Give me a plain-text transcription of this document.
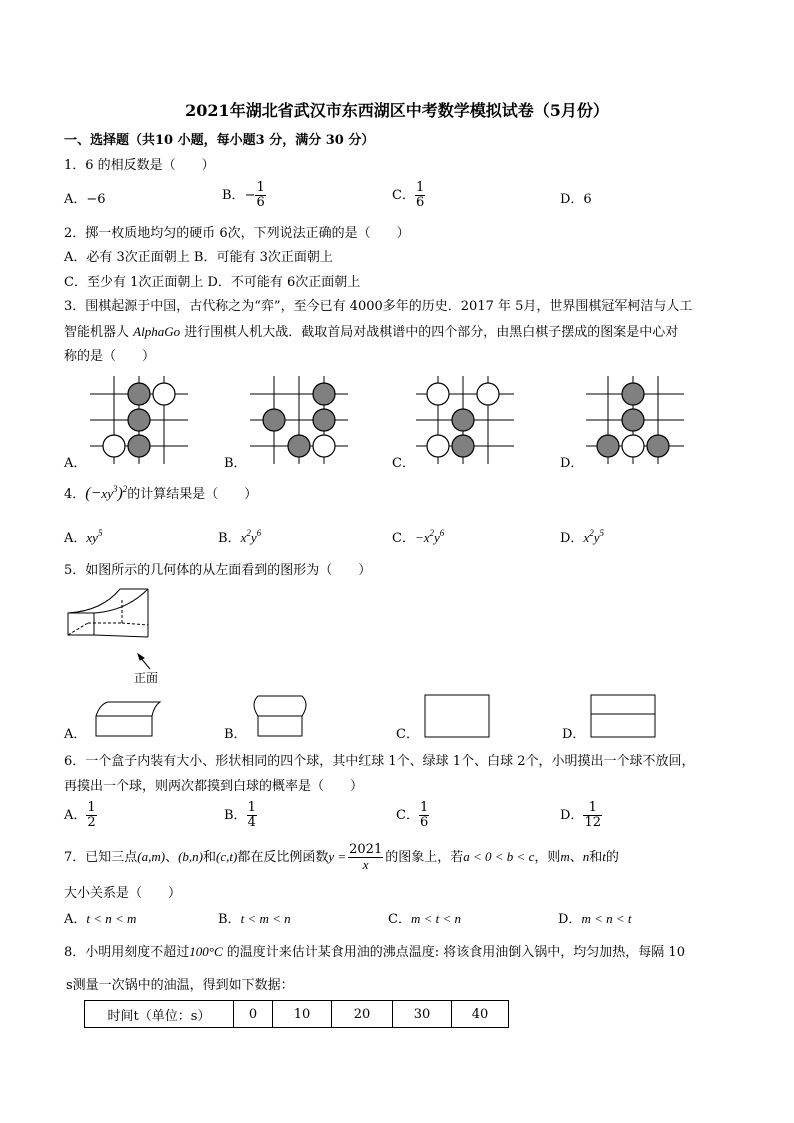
2021年湖北省武汉市东西湖区中考数学模拟试卷（5月份）
一、选择题（共10 小题，每小题3 分，满分 30 分）
1．6 的相反数是（　　）
A．−6	B．− $\frac{1}{6}$	C． $\frac{1}{6}$	D．6
2．掷一枚质地均匀的硬币 6次，下列说法正确的是（　　）
A．必有 3次正面朝上 B．可能有 3次正面朝上
C．至少有 1次正面朝上 D．不可能有 6次正面朝上
3．围棋起源于中国，古代称之为“弈”，至今已有 4000多年的历史．2017 年 5月，世界围棋冠军柯洁与人工
智能机器人 AlphaGo 进行围棋人机大战．截取首局对战棋谱中的四个部分，由黑白棋子摆成的图案是中心对
称的是（　　）
A．	B．	C．	D．
4．$(-xy^3)^2$的计算结果是（　　）
A．$xy^5$	B．$x^2y^6$	C．$-x^2y^6$	D．$x^2y^5$
5．如图所示的几何体的从左面看到的图形为（　　）
正面
A．	B．	C．	D．
6．一个盒子内装有大小、形状相同的四个球，其中红球 1个、绿球 1个、白球 2个，小明摸出一个球不放回，
再摸出一个球，则两次都摸到白球的概率是（　　）
A． $\frac{1}{2}$	B． $\frac{1}{4}$	C． $\frac{1}{6}$	D． $\frac{1}{12}$
7．已知三点(a,m)、(b,n)和(c,t)都在反比例函数$y = \frac{2021}{x}$ 的图象上，若a < 0 < b < c，则m、n和t的
大小关系是（　　）
A．t < n < m	B．t < m < n	C．m < t < n	D．m < n < t
8．小明用刻度不超过100°C 的温度计来估计某食用油的沸点温度: 将该食用油倒入锅中，均匀加热，每隔 10
s测量一次锅中的油温，得到如下数据：
时间t（单位：s）	0	10	20	30	40
